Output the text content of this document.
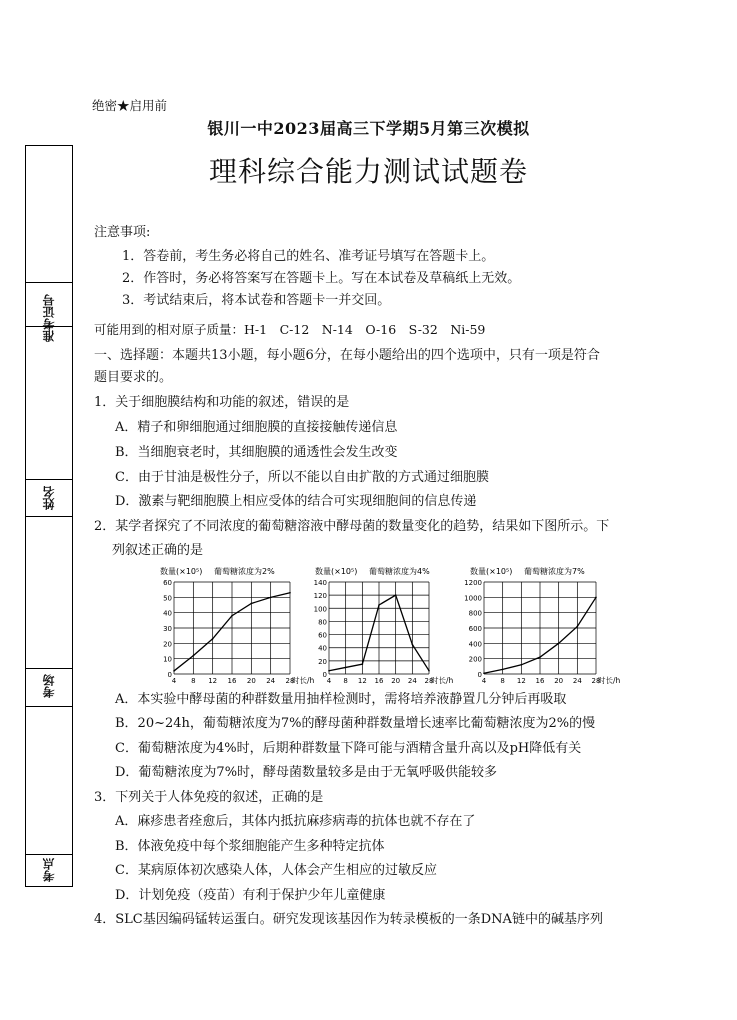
准考证号
姓名
考场
考点
绝密★启用前
银川一中2023届高三下学期5月第三次模拟
理科综合能力测试试题卷
注意事项:
1．答卷前，考生务必将自己的姓名、准考证号填写在答题卡上。
2．作答时，务必将答案写在答题卡上。写在本试卷及草稿纸上无效。
3．考试结束后，将本试卷和答题卡一并交回。
可能用到的相对原子质量：H-1　C-12　N-14　O-16　S-32　Ni-59
一、选择题：本题共13小题，每小题6分，在每小题给出的四个选项中，只有一项是符合
题目要求的。
1．关于细胞膜结构和功能的叙述，错误的是
A．精子和卵细胞通过细胞膜的直接接触传递信息
B．当细胞衰老时，其细胞膜的通透性会发生改变
C．由于甘油是极性分子，所以不能以自由扩散的方式通过细胞膜
D．激素与靶细胞膜上相应受体的结合可实现细胞间的信息传递
2．某学者探究了不同浓度的葡萄糖溶液中酵母菌的数量变化的趋势，结果如下图所示。下
列叙述正确的是
0
10
20
30
40
50
60
4 8 12 16 20 24 28
数量(×10⁵) 葡萄糖浓度为2%
时长/h
0
20
40
60
80
100
120
140
4 8 12 16 20 24 28
数量(×10⁵) 葡萄糖浓度为4%
时长/h
0
200
400
600
800
1000
1200
4 8 12 16 20 24 28
数量(×10⁵) 葡萄糖浓度为7%
时长/h
A．本实验中酵母菌的种群数量用抽样检测时，需将培养液静置几分钟后再吸取
B．20~24h，葡萄糖浓度为7%的酵母菌种群数量增长速率比葡萄糖浓度为2%的慢
C．葡萄糖浓度为4%时，后期种群数量下降可能与酒精含量升高以及pH降低有关
D．葡萄糖浓度为7%时，酵母菌数量较多是由于无氧呼吸供能较多
3．下列关于人体免疫的叙述，正确的是
A．麻疹患者痊愈后，其体内抵抗麻疹病毒的抗体也就不存在了
B．体液免疫中每个浆细胞能产生多种特定抗体
C．某病原体初次感染人体，人体会产生相应的过敏反应
D．计划免疫（疫苗）有利于保护少年儿童健康
4．SLC基因编码锰转运蛋白。研究发现该基因作为转录模板的一条DNA链中的碱基序列
